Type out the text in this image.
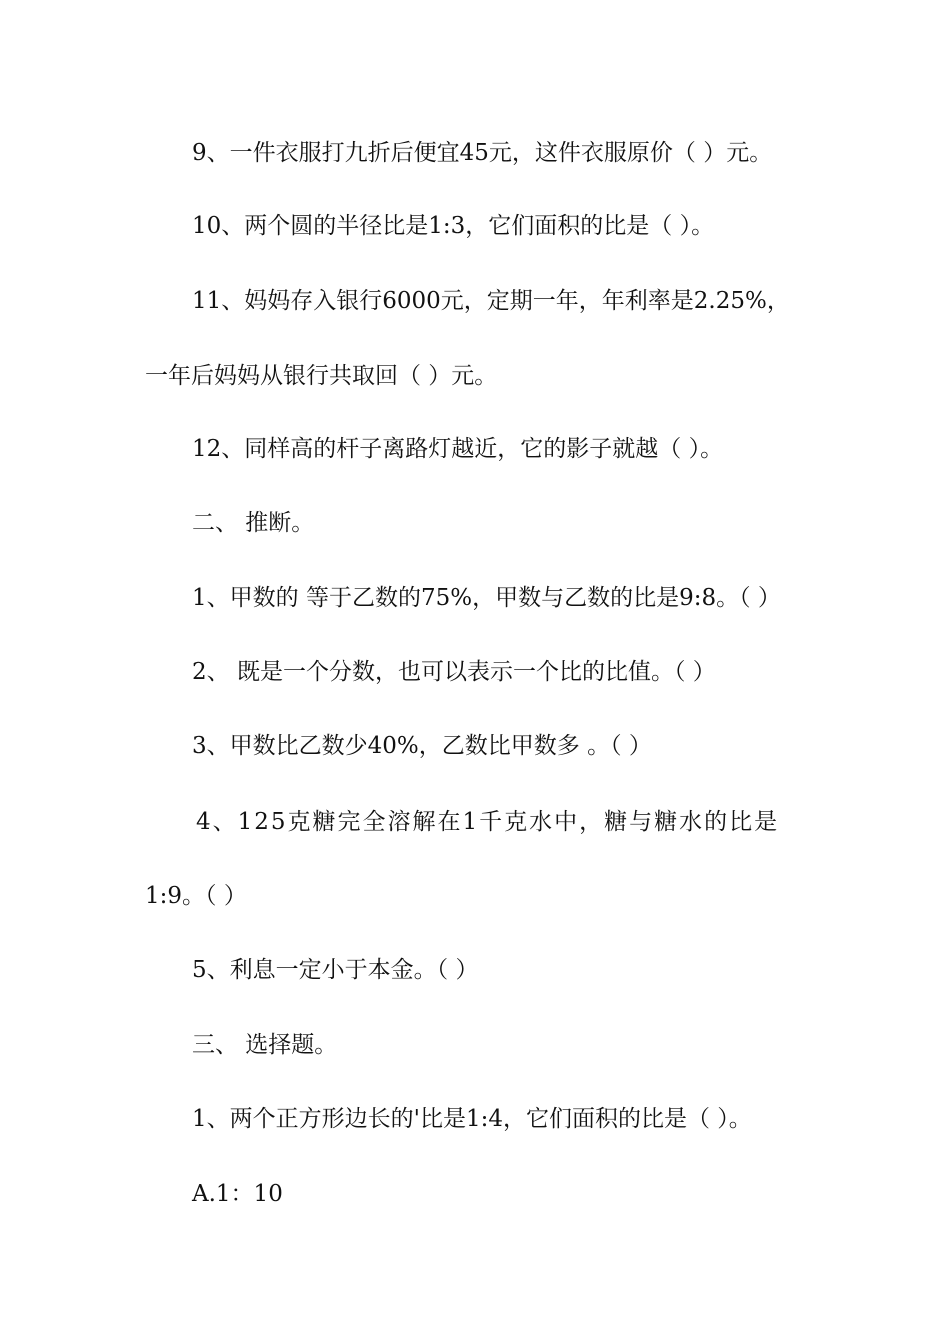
9、一件衣服打九折后便宜45元，这件衣服原价（ ）元。
10、两个圆的半径比是1:3，它们面积的比是（ ）。
11、妈妈存入银行6000元，定期一年，年利率是2.25%，
一年后妈妈从银行共取回（ ）元。
12、同样高的杆子离路灯越近，它的影子就越（ ）。
二、 推断。
1、甲数的 等于乙数的75%，甲数与乙数的比是9:8。（ ）
2、 既是一个分数，也可以表示一个比的比值。（ ）
3、甲数比乙数少40%，乙数比甲数多 。（ ）
4、125克糖完全溶解在1千克水中，糖与糖水的比是
1:9。（ ）
5、利息一定小于本金。（ ）
三、 选择题。
1、两个正方形边长的'比是1:4，它们面积的比是（ ）。
A.1：10
